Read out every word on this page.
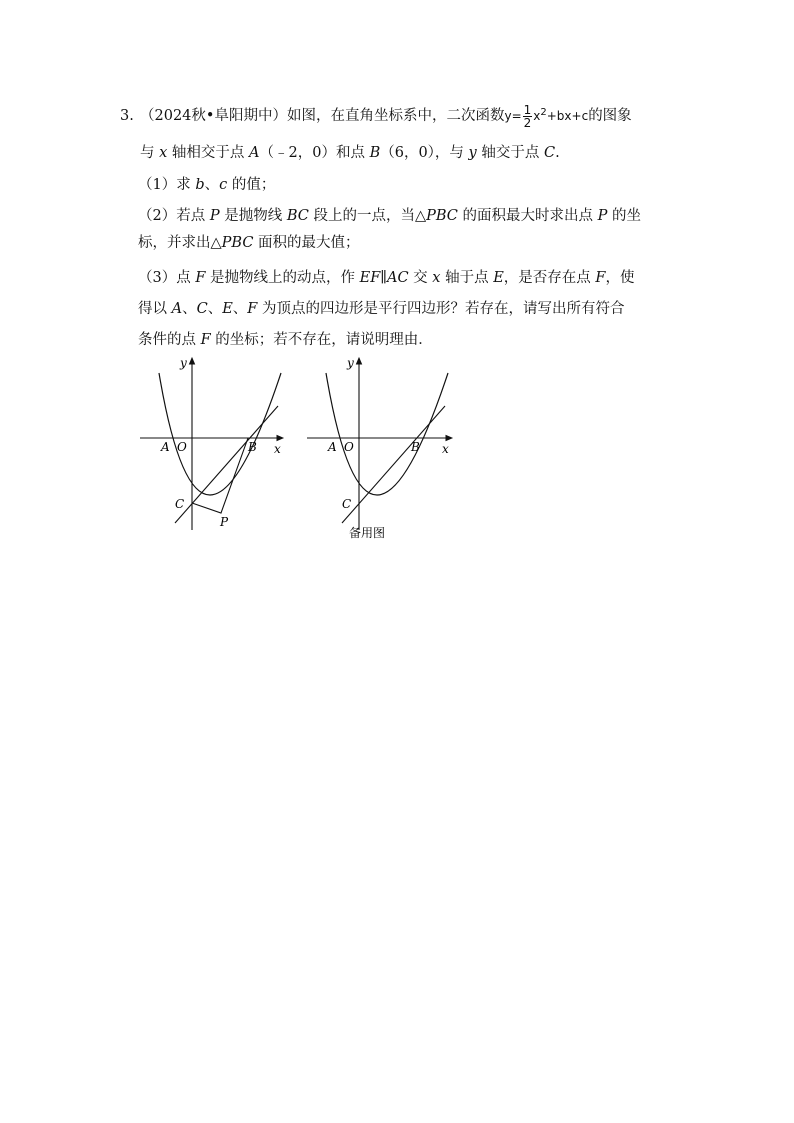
3. （2024秋•阜阳期中）如图，在直角坐标系中，二次函数$y= \frac{1}{2} x^2+bx+c$的图象
与 x 轴相交于点 A（﹣2，0）和点 B（6，0），与 y 轴交于点 C.
（1）求 b、c 的值；
（2）若点 P 是抛物线 BC 段上的一点，当△PBC 的面积最大时求出点 P 的坐
标，并求出△PBC 面积的最大值；
（3）点 F 是抛物线上的动点，作 EF∥AC 交 x 轴于点 E，是否存在点 F，使
得以 A、C、E、F 为顶点的四边形是平行四边形？若存在，请写出所有符合
条件的点 F 的坐标；若不存在，请说明理由．
y
x
A O	B
C
P
y
x
A O	B
C
备用图
